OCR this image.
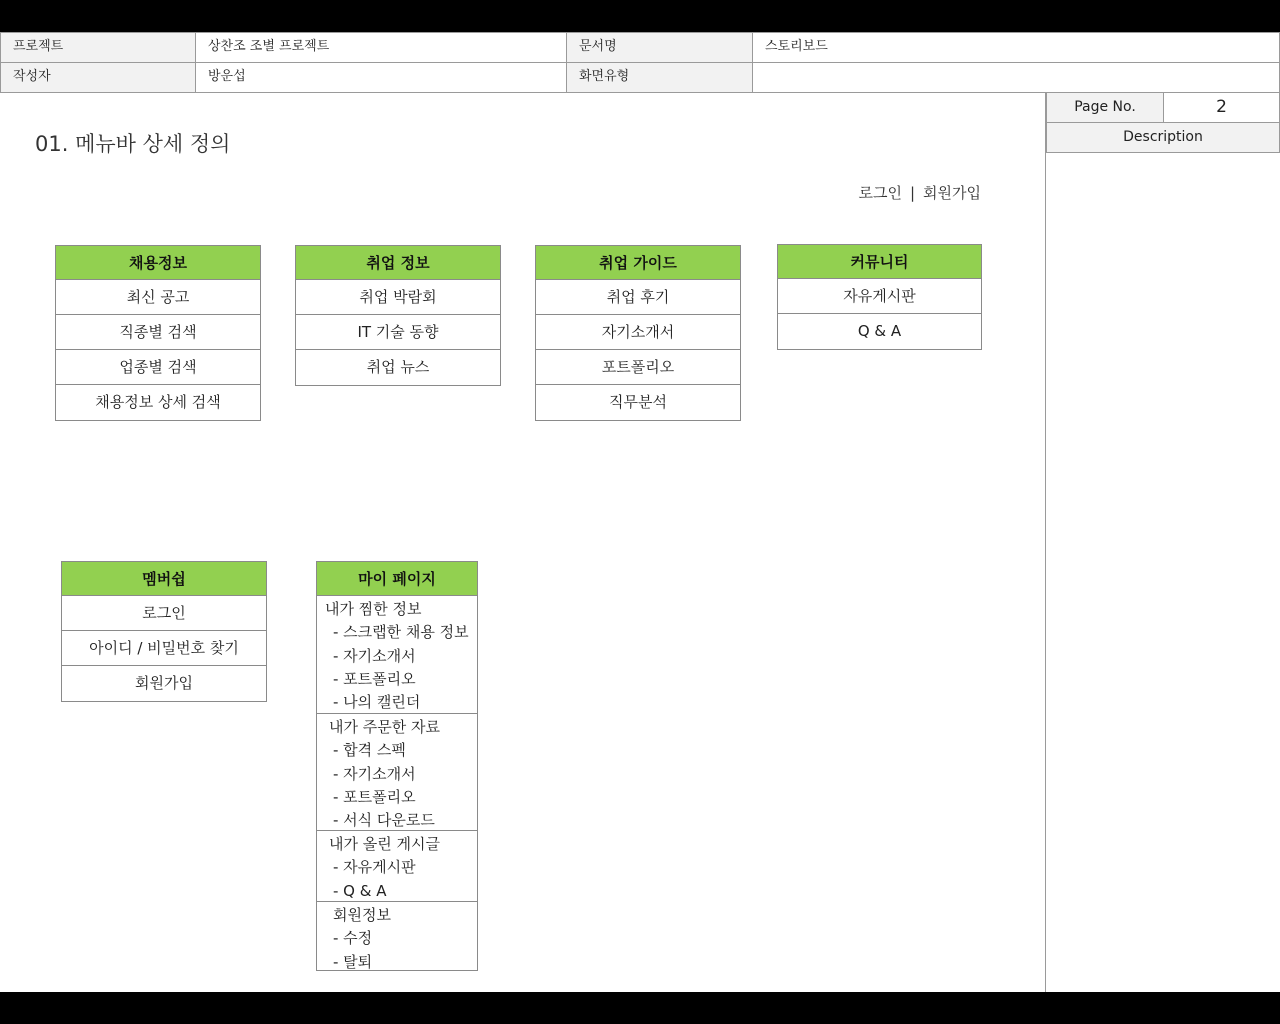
프로젝트	상찬조 조별 프로젝트	문서명	스토리보드
작성자	방운섭	화면유형
Page No.	2
Description
01. 메뉴바 상세 정의
로그인 | 회원가입
채용정보
최신 공고
직종별 검색
업종별 검색
채용정보 상세 검색
취업 정보
취업 박람회
IT 기술 동향
취업 뉴스
취업 가이드
취업 후기
자기소개서
포트폴리오
직무분석
커뮤니티
자유게시판
Q & A
멤버쉽
로그인
아이디 / 비밀번호 찾기
회원가입
마이 페이지
내가 찜한 정보
- 스크랩한 채용 정보
- 자기소개서
- 포트폴리오
- 나의 캘린더
내가 주문한 자료
- 합격 스펙
- 자기소개서
- 포트폴리오
- 서식 다운로드
내가 올린 게시글
- 자유게시판
- Q & A
회원정보
- 수정
- 탈퇴
